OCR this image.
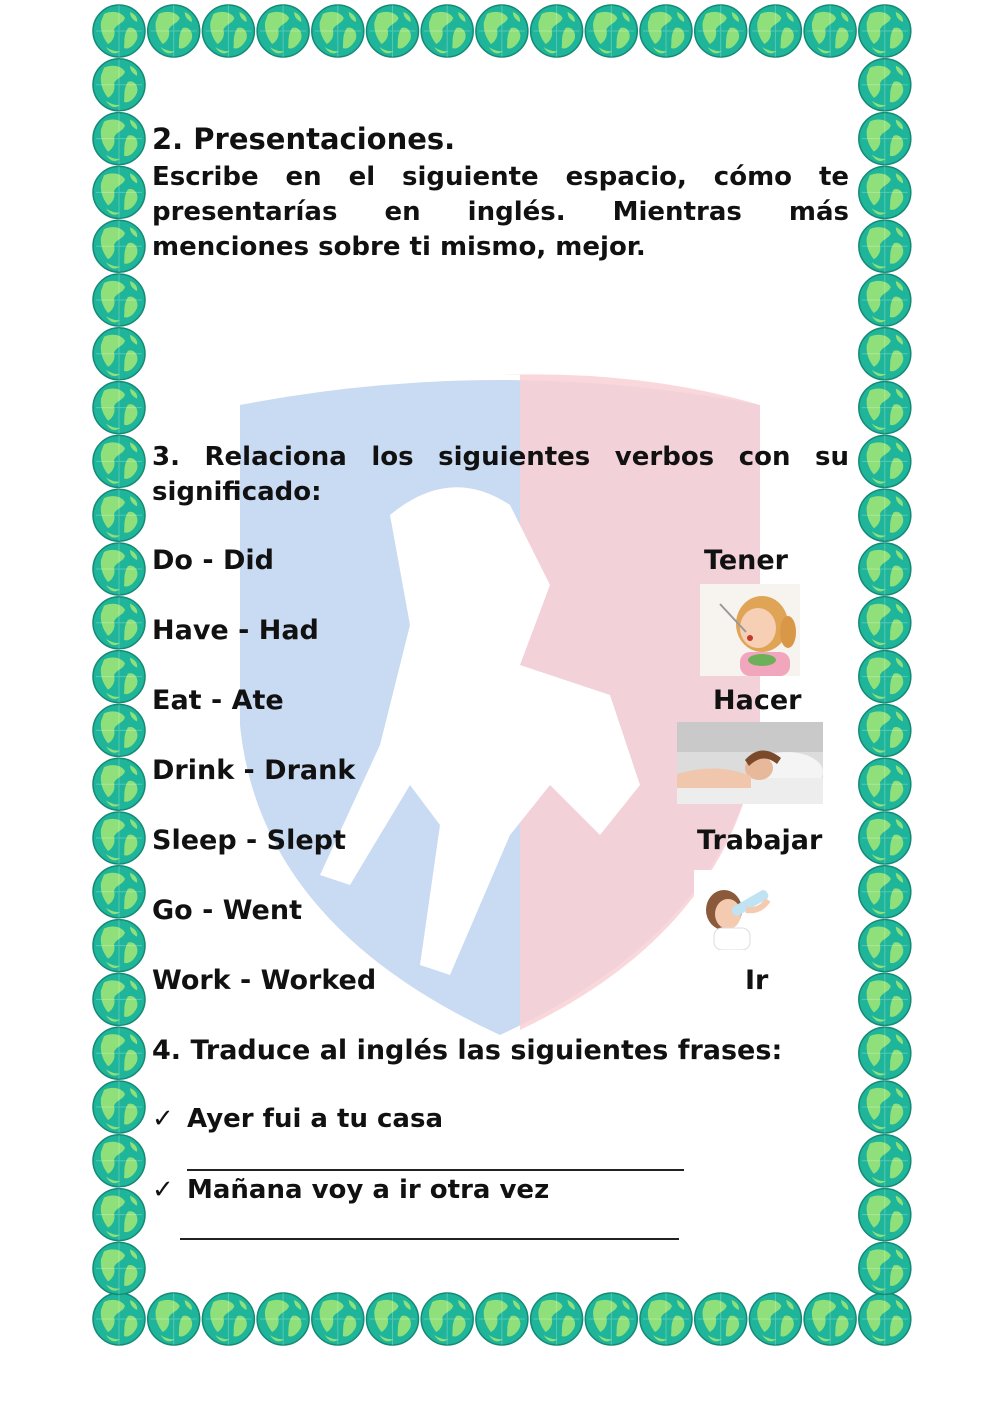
2. Presentaciones.
Escribe en el siguiente espacio, cómo te
presentarías en inglés. Mientras más
menciones sobre ti mismo, mejor.
3. Relaciona los siguientes verbos con su
significado:
Do - Did
Have - Had
Eat - Ate
Drink - Drank
Sleep - Slept
Go - Went
Work - Worked
Tener
Hacer
Trabajar
Ir
4. Traduce al inglés las siguientes frases:
✓ Ayer fui a tu casa
✓ Mañana voy a ir otra vez
